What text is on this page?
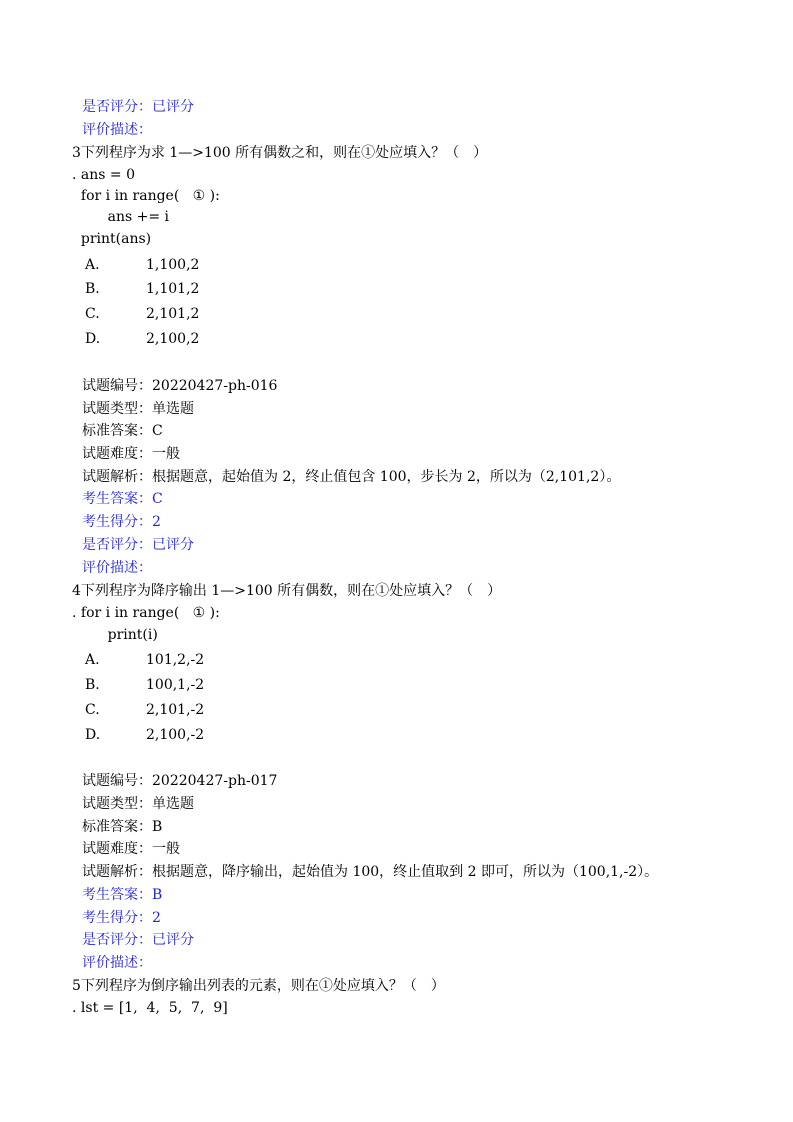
是否评分：已评分
评价描述：
3下列程序为求 1—>100 所有偶数之和，则在①处应填入？（　）
. ans = 0
for i in range(   ① ):
ans += i
print(ans)
A.	1,100,2
B.	1,101,2
C.	2,101,2
D.	2,100,2
试题编号：20220427-ph-016
试题类型：单选题
标准答案：C
试题难度：一般
试题解析：根据题意，起始值为 2，终止值包含 100，步长为 2，所以为（2,101,2）。
考生答案：C
考生得分：2
是否评分：已评分
评价描述：
4下列程序为降序输出 1—>100 所有偶数，则在①处应填入？（　）
. for i in range(   ① ):
print(i)
A.	101,2,-2
B.	100,1,-2
C.	2,101,-2
D.	2,100,-2
试题编号：20220427-ph-017
试题类型：单选题
标准答案：B
试题难度：一般
试题解析：根据题意，降序输出，起始值为 100，终止值取到 2 即可，所以为（100,1,-2）。
考生答案：B
考生得分：2
是否评分：已评分
评价描述：
5下列程序为倒序输出列表的元素，则在①处应填入？（　）
. lst = [1,  4,  5,  7,  9]
